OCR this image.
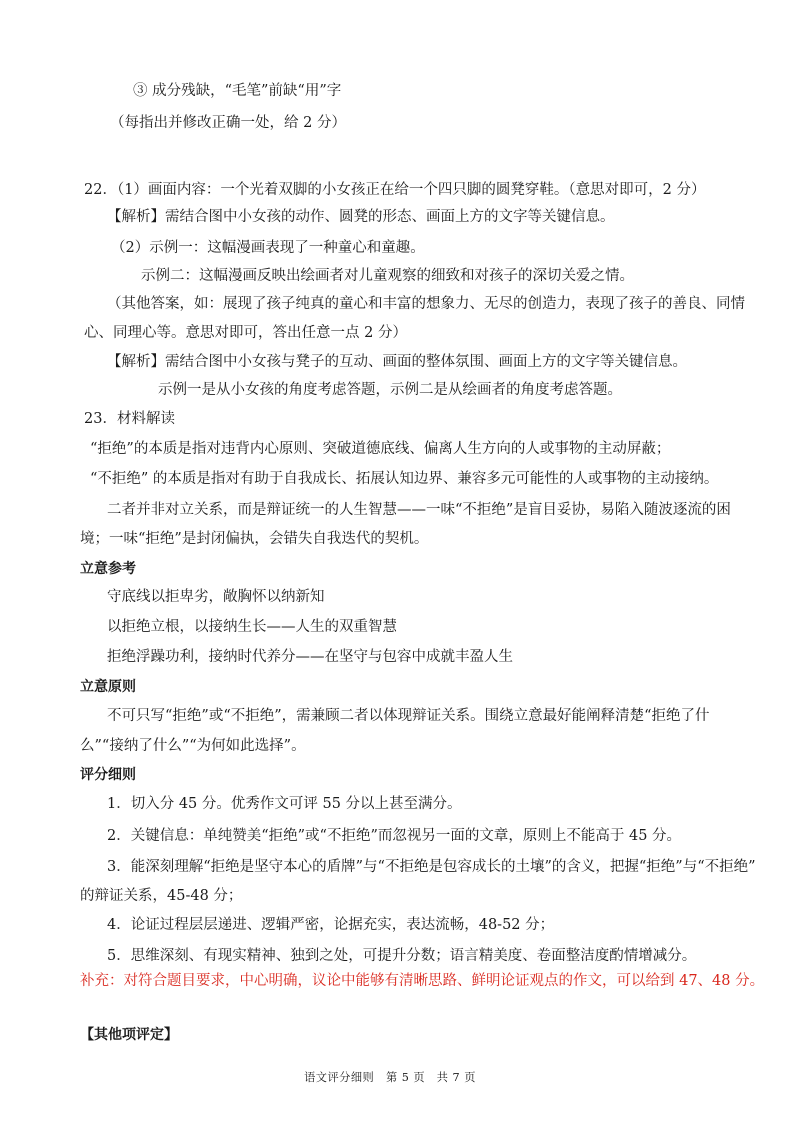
③ 成分残缺，“毛笔”前缺“用”字
（每指出并修改正确一处，给 2 分）
22．（1）画面内容：一个光着双脚的小女孩正在给一个四只脚的圆凳穿鞋。（意思对即可，2 分）
【解析】需结合图中小女孩的动作、圆凳的形态、画面上方的文字等关键信息。
（2）示例一：这幅漫画表现了一种童心和童趣。
示例二：这幅漫画反映出绘画者对儿童观察的细致和对孩子的深切关爱之情。
（其他答案，如：展现了孩子纯真的童心和丰富的想象力、无尽的创造力，表现了孩子的善良、同情
心、同理心等。意思对即可，答出任意一点 2 分）
【解析】需结合图中小女孩与凳子的互动、画面的整体氛围、画面上方的文字等关键信息。
示例一是从小女孩的角度考虑答题，示例二是从绘画者的角度考虑答题。
23．材料解读
“拒绝”的本质是指对违背内心原则、突破道德底线、偏离人生方向的人或事物的主动屏蔽；
“不拒绝” 的本质是指对有助于自我成长、拓展认知边界、兼容多元可能性的人或事物的主动接纳。
二者并非对立关系，而是辩证统一的人生智慧——一味“不拒绝”是盲目妥协，易陷入随波逐流的困
境；一味“拒绝”是封闭偏执，会错失自我迭代的契机。
立意参考
守底线以拒卑劣，敞胸怀以纳新知
以拒绝立根，以接纳生长——人生的双重智慧
拒绝浮躁功利，接纳时代养分——在坚守与包容中成就丰盈人生
立意原则
不可只写“拒绝”或“不拒绝”，需兼顾二者以体现辩证关系。围绕立意最好能阐释清楚“拒绝了什
么”“接纳了什么”“为何如此选择”。
评分细则
1．切入分 45 分。优秀作文可评 55 分以上甚至满分。
2．关键信息：单纯赞美“拒绝”或“不拒绝”而忽视另一面的文章，原则上不能高于 45 分。
3．能深刻理解“拒绝是坚守本心的盾牌”与“不拒绝是包容成长的土壤”的含义，把握“拒绝”与“不拒绝”
的辩证关系，45-48 分；
4．论证过程层层递进、逻辑严密，论据充实，表达流畅，48-52 分；
5．思维深刻、有现实精神、独到之处，可提升分数；语言精美度、卷面整洁度酌情增减分。
补充：对符合题目要求，中心明确，议论中能够有清晰思路、鲜明论证观点的作文，可以给到 47、48 分。
【其他项评定】
语文评分细则　第 5 页　共 7 页
